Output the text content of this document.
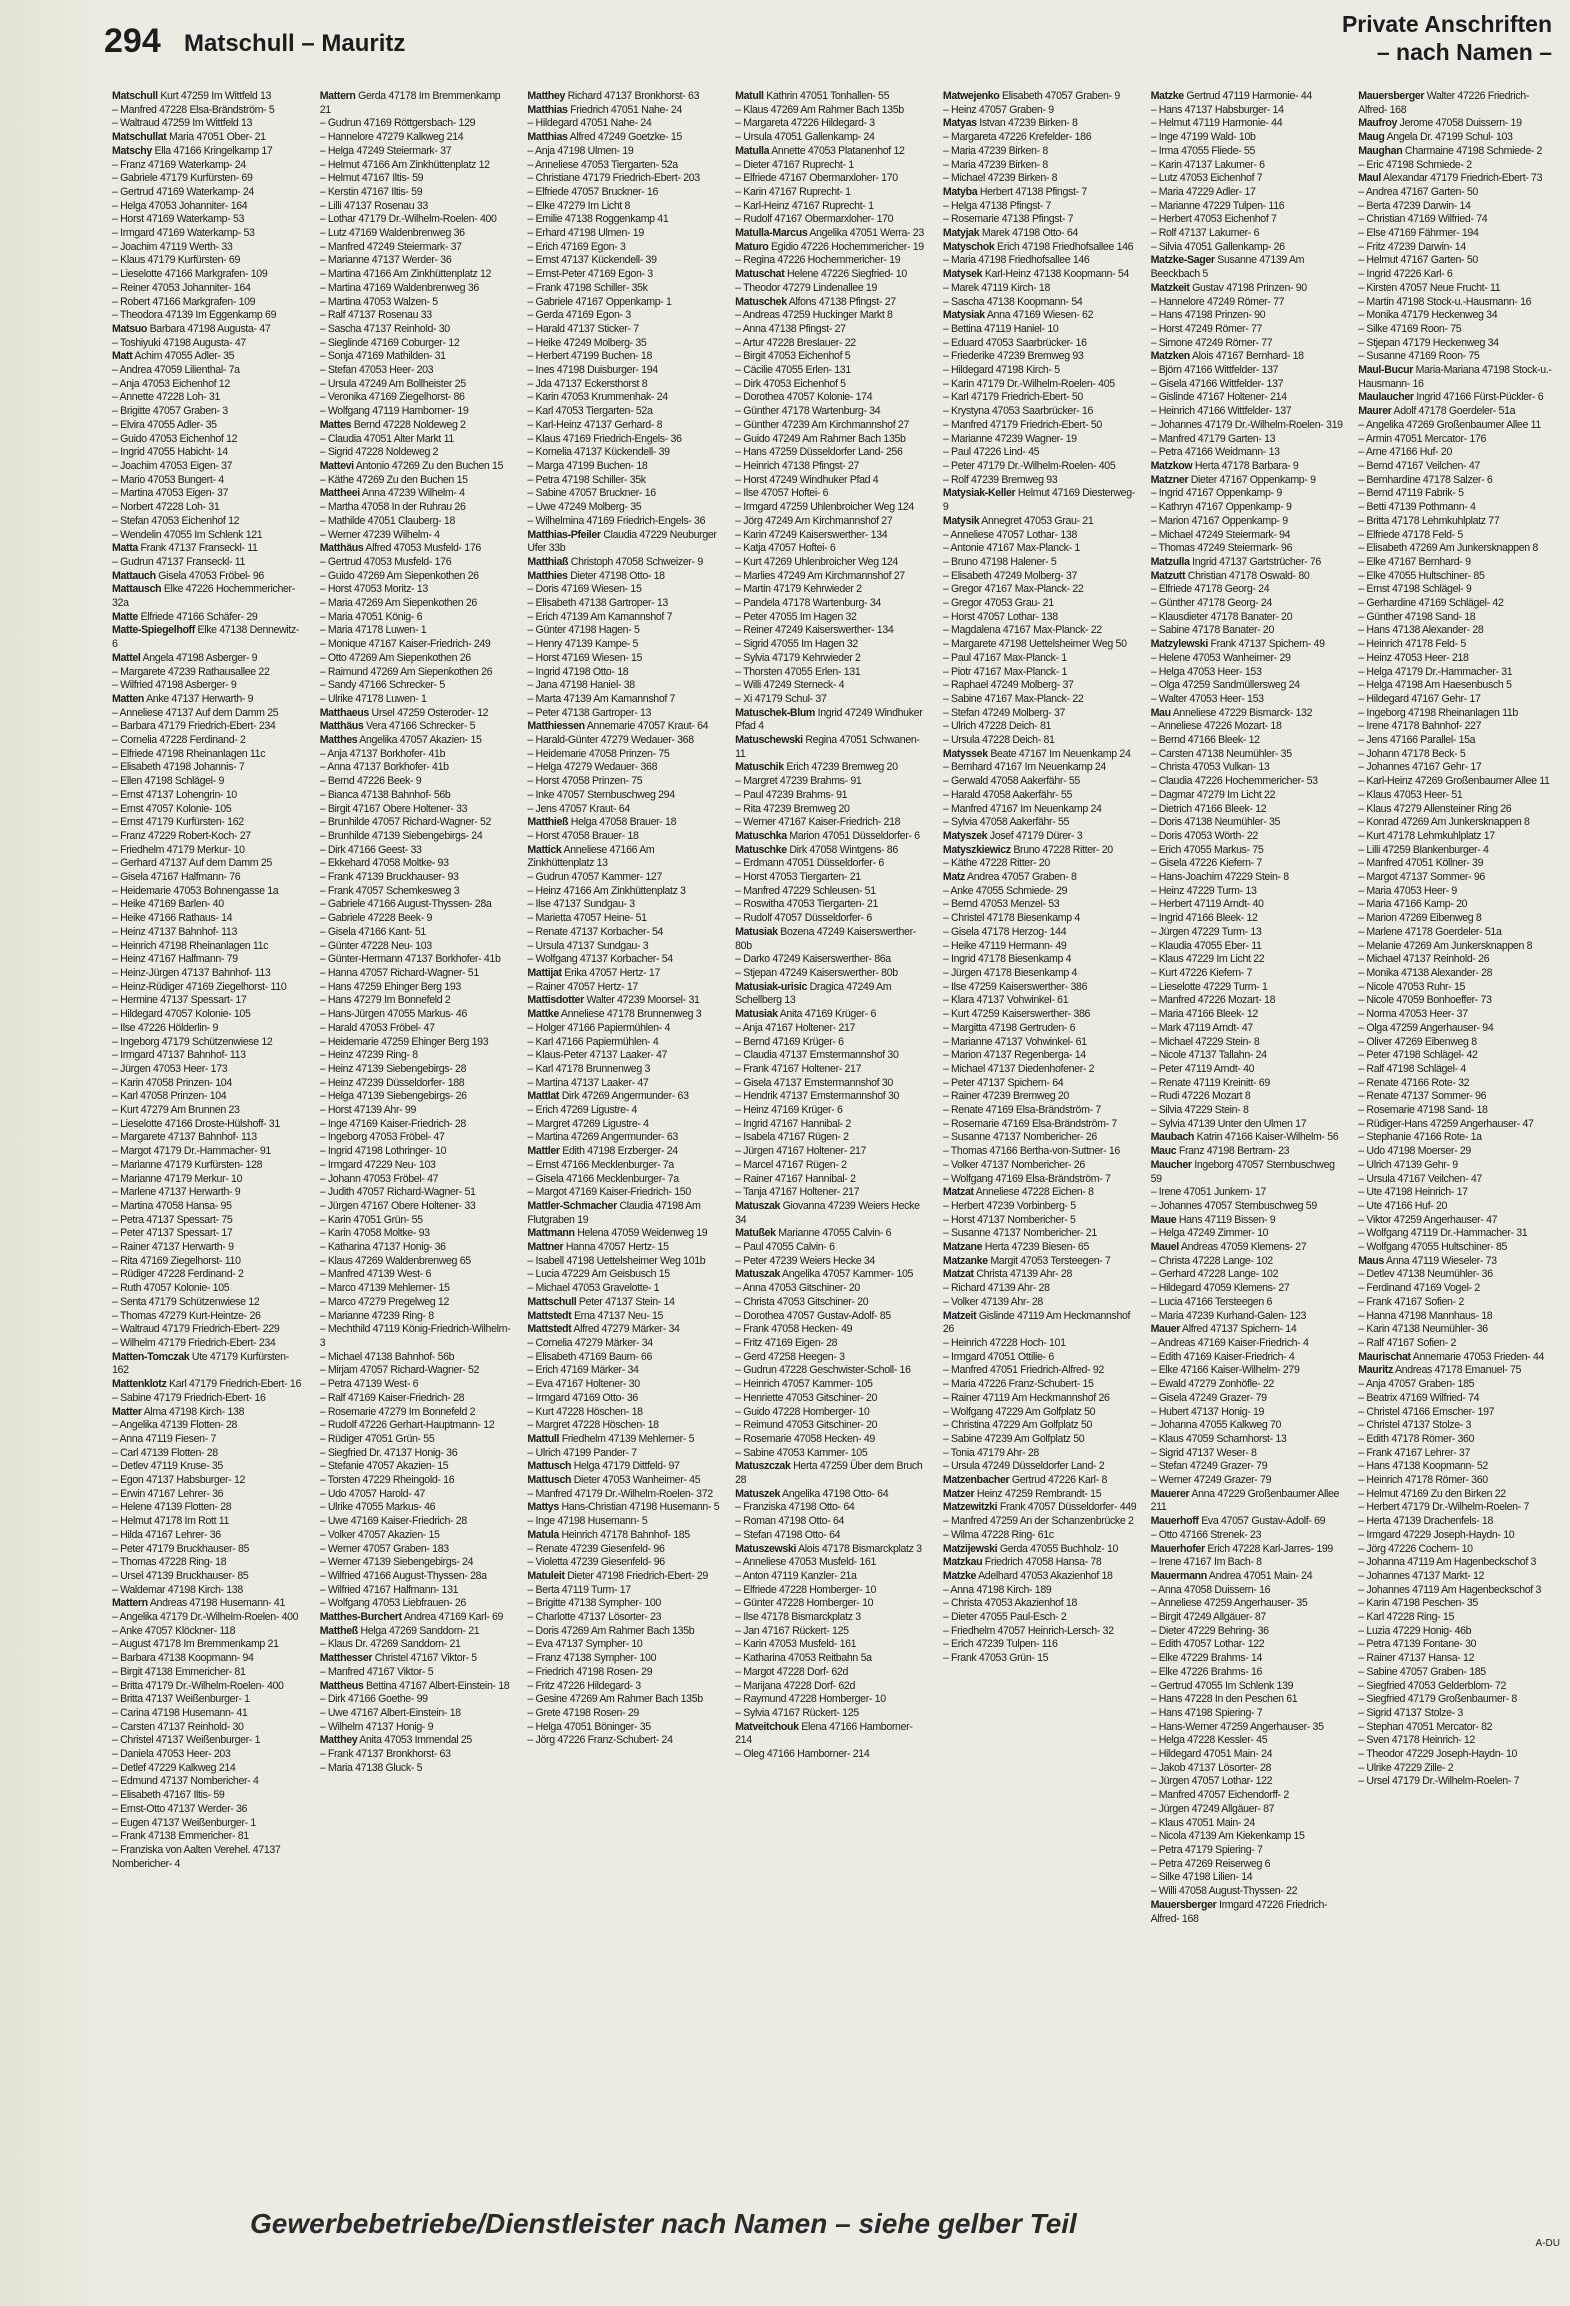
294 Matschull – Mauritz
Private Anschriften
– nach Namen –
Matschull Kurt 47259 Im Wittfeld 13
– Manfred 47228 Elsa-Brändström- 5
– Waltraud 47259 Im Wittfeld 13
Matschullat Maria 47051 Ober- 21
Matschy Ella 47166 Kringelkamp 17
– Franz 47169 Waterkamp- 24
– Gabriele 47179 Kurfürsten- 69
– Gertrud 47169 Waterkamp- 24
– Helga 47053 Johanniter- 164
– Horst 47169 Waterkamp- 53
– Irmgard 47169 Waterkamp- 53
– Joachim 47119 Werth- 33
– Klaus 47179 Kurfürsten- 69
– Lieselotte 47166 Markgrafen- 109
– Reiner 47053 Johanniter- 164
– Robert 47166 Markgrafen- 109
– Theodora 47139 Im Eggenkamp 69
Matsuo Barbara 47198 Augusta- 47
– Toshiyuki 47198 Augusta- 47
Matt Achim 47055 Adler- 35
– Andrea 47059 Lilienthal- 7a
– Anja 47053 Eichenhof 12
– Annette 47228 Loh- 31
– Brigitte 47057 Graben- 3
– Elvira 47055 Adler- 35
– Guido 47053 Eichenhof 12
– Ingrid 47055 Habicht- 14
– Joachim 47053 Eigen- 37
– Mario 47053 Bungert- 4
– Martina 47053 Eigen- 37
– Norbert 47228 Loh- 31
– Stefan 47053 Eichenhof 12
– Wendelin 47055 Im Schlenk 121
Matta Frank 47137 Franseckl- 11
– Gudrun 47137 Franseckl- 11
Mattauch Gisela 47053 Fröbel- 96
Mattausch Elke 47226 Hochemmericher- 32a
Matte Elfriede 47166 Schäfer- 29
Matte-Spiegelhoff Elke 47138 Dennewitz- 6
Mattel Angela 47198 Asberger- 9
– Margarete 47239 Rathausallee 22
– Wilfried 47198 Asberger- 9
Matten Anke 47137 Herwarth- 9
– Anneliese 47137 Auf dem Damm 25
– Barbara 47179 Friedrich-Ebert- 234
– Cornelia 47228 Ferdinand- 2
– Elfriede 47198 Rheinanlagen 11c
– Elisabeth 47198 Johannis- 7
– Ellen 47198 Schlägel- 9
– Ernst 47137 Lohengrin- 10
– Ernst 47057 Kolonie- 105
– Ernst 47179 Kurfürsten- 162
– Franz 47229 Robert-Koch- 27
– Friedhelm 47179 Merkur- 10
– Gerhard 47137 Auf dem Damm 25
– Gisela 47167 Halfmann- 76
– Heidemarie 47053 Bohnengasse 1a
– Heike 47169 Barlen- 40
– Heike 47166 Rathaus- 14
– Heinz 47137 Bahnhof- 113
– Heinrich 47198 Rheinanlagen 11c
– Heinz 47167 Halfmann- 79
– Heinz-Jürgen 47137 Bahnhof- 113
– Heinz-Rüdiger 47169 Ziegelhorst- 110
– Hermine 47137 Spessart- 17
– Hildegard 47057 Kolonie- 105
– Ilse 47226 Hölderlin- 9
– Ingeborg 47179 Schützenwiese 12
– Irmgard 47137 Bahnhof- 113
– Jürgen 47053 Heer- 173
– Karin 47058 Prinzen- 104
– Karl 47058 Prinzen- 104
– Kurt 47279 Am Brunnen 23
– Lieselotte 47166 Droste-Hülshoff- 31
– Margarete 47137 Bahnhof- 113
– Margot 47179 Dr.-Hammacher- 91
– Marianne 47179 Kurfürsten- 128
– Marianne 47179 Merkur- 10
– Marlene 47137 Herwarth- 9
– Martina 47058 Hansa- 95
– Petra 47137 Spessart- 75
– Peter 47137 Spessart- 17
– Rainer 47137 Herwarth- 9
– Rita 47169 Ziegelhorst- 110
– Rüdiger 47228 Ferdinand- 2
– Ruth 47057 Kolonie- 105
– Senta 47179 Schützenwiese 12
– Thomas 47279 Kurt-Heintze- 26
– Waltraud 47179 Friedrich-Ebert- 229
– Wilhelm 47179 Friedrich-Ebert- 234
Matten-Tomczak Ute 47179 Kurfürsten- 162
Mattenklotz Karl 47179 Friedrich-Ebert- 16
– Sabine 47179 Friedrich-Ebert- 16
Matter Alma 47198 Kirch- 138
– Angelika 47139 Flotten- 28
– Anna 47119 Fiesen- 7
– Carl 47139 Flotten- 28
– Detlev 47119 Kruse- 35
– Egon 47137 Habsburger- 12
– Erwin 47167 Lehrer- 36
– Helene 47139 Flotten- 28
– Helmut 47178 Im Rott 11
– Hilda 47167 Lehrer- 36
– Peter 47179 Bruckhauser- 85
– Thomas 47228 Ring- 18
– Ursel 47139 Bruckhauser- 85
– Waldemar 47198 Kirch- 138
Mattern Andreas 47198 Husemann- 41
– Angelika 47179 Dr.-Wilhelm-Roelen- 400
– Anke 47057 Klöckner- 118
– August 47178 Im Bremmenkamp 21
– Barbara 47138 Koopmann- 94
– Birgit 47138 Emmericher- 81
– Britta 47179 Dr.-Wilhelm-Roelen- 400
– Britta 47137 Weißenburger- 1
– Carina 47198 Husemann- 41
– Carsten 47137 Reinhold- 30
– Christel 47137 Weißenburger- 1
– Daniela 47053 Heer- 203
– Detlef 47229 Kalkweg 214
– Edmund 47137 Nombericher- 4
– Elisabeth 47167 Iltis- 59
– Ernst-Otto 47137 Werder- 36
– Eugen 47137 Weißenburger- 1
– Frank 47138 Emmericher- 81
– Franziska von Aalten Verehel. 47137 Nombericher- 4
Mattern Gerda 47178 Im Bremmenkamp 21
– Gudrun 47169 Röttgersbach- 129
– Hannelore 47279 Kalkweg 214
– Helga 47249 Steiermark- 37
– Helmut 47166 Am Zinkhüttenplatz 12
– Helmut 47167 Iltis- 59
– Kerstin 47167 Iltis- 59
– Lilli 47137 Rosenau 33
– Lothar 47179 Dr.-Wilhelm-Roelen- 400
– Lutz 47169 Waldenbrenweg 36
– Manfred 47249 Steiermark- 37
– Marianne 47137 Werder- 36
– Martina 47166 Am Zinkhüttenplatz 12
– Martina 47169 Waldenbrenweg 36
– Martina 47053 Walzen- 5
– Ralf 47137 Rosenau 33
– Sascha 47137 Reinhold- 30
– Sieglinde 47169 Coburger- 12
– Sonja 47169 Mathilden- 31
– Stefan 47053 Heer- 203
– Ursula 47249 Am Bollheister 25
– Veronika 47169 Ziegelhorst- 86
– Wolfgang 47119 Hamborner- 19
Mattes Bernd 47228 Noldeweg 2
– Claudia 47051 Alter Markt 11
– Sigrid 47228 Noldeweg 2
Mattevi Antonio 47269 Zu den Buchen 15
– Käthe 47269 Zu den Buchen 15
Mattheei Anna 47239 Wilhelm- 4
– Martha 47058 In der Ruhrau 26
– Mathilde 47051 Clauberg- 18
– Werner 47239 Wilhelm- 4
Matthäus Alfred 47053 Musfeld- 176
– Gertrud 47053 Musfeld- 176
– Guido 47269 Am Siepenkothen 26
– Horst 47053 Moritz- 13
– Maria 47269 Am Siepenkothen 26
– Maria 47051 König- 6
– Maria 47178 Luwen- 1
– Monique 47167 Kaiser-Friedrich- 249
– Otto 47269 Am Siepenkothen 26
– Raimund 47269 Am Siepenkothen 26
– Sandy 47166 Schrecker- 5
– Ulrike 47178 Luwen- 1
Matthaeus Ursel 47259 Osteroder- 12
Matthäus Vera 47166 Schrecker- 5
Matthes Angelika 47057 Akazien- 15
– Anja 47137 Borkhofer- 41b
– Anna 47137 Borkhofer- 41b
– Bernd 47226 Beek- 9
– Bianca 47138 Bahnhof- 56b
– Birgit 47167 Obere Holtener- 33
– Brunhilde 47057 Richard-Wagner- 52
– Brunhilde 47139 Siebengebirgs- 24
– Dirk 47166 Geest- 33
– Ekkehard 47058 Moltke- 93
– Frank 47139 Bruckhauser- 93
– Frank 47057 Schemkesweg 3
– Gabriele 47166 August-Thyssen- 28a
– Gabriele 47228 Beek- 9
– Gisela 47166 Kant- 51
– Günter 47228 Neu- 103
– Günter-Hermann 47137 Borkhofer- 41b
– Hanna 47057 Richard-Wagner- 51
– Hans 47259 Ehinger Berg 193
– Hans 47279 Im Bonnefeld 2
– Hans-Jürgen 47055 Markus- 46
– Harald 47053 Fröbel- 47
– Heidemarie 47259 Ehinger Berg 193
– Heinz 47239 Ring- 8
– Heinz 47139 Siebengebirgs- 28
– Heinz 47239 Düsseldorfer- 188
– Helga 47139 Siebengebirgs- 26
– Horst 47139 Ahr- 99
– Inge 47169 Kaiser-Friedrich- 28
– Ingeborg 47053 Fröbel- 47
– Ingrid 47198 Lothringer- 10
– Irmgard 47229 Neu- 103
– Johann 47053 Fröbel- 47
– Judith 47057 Richard-Wagner- 51
– Jürgen 47167 Obere Holtener- 33
– Karin 47051 Grün- 55
– Karin 47058 Moltke- 93
– Katharina 47137 Honig- 36
– Klaus 47269 Waldenbrenweg 65
– Manfred 47139 West- 6
– Marco 47139 Mehlemer- 15
– Marco 47279 Pregelweg 12
– Marianne 47239 Ring- 8
– Mechthild 47119 König-Friedrich-Wilhelm- 3
– Michael 47138 Bahnhof- 56b
– Mirjam 47057 Richard-Wagner- 52
– Petra 47139 West- 6
– Ralf 47169 Kaiser-Friedrich- 28
– Rosemarie 47279 Im Bonnefeld 2
– Rudolf 47226 Gerhart-Hauptmann- 12
– Rüdiger 47051 Grün- 55
– Siegfried Dr. 47137 Honig- 36
– Stefanie 47057 Akazien- 15
– Torsten 47229 Rheingold- 16
– Udo 47057 Harold- 47
– Ulrike 47055 Markus- 46
– Uwe 47169 Kaiser-Friedrich- 28
– Volker 47057 Akazien- 15
– Werner 47057 Graben- 183
– Werner 47139 Siebengebirgs- 24
– Wilfried 47166 August-Thyssen- 28a
– Wilfried 47167 Halfmann- 131
– Wolfgang 47053 Liebfrauen- 26
Matthes-Burchert Andrea 47169 Karl- 69
Mattheß Helga 47269 Sanddorn- 21
– Klaus Dr. 47269 Sanddorn- 21
Matthesser Christel 47167 Viktor- 5
– Manfred 47167 Viktor- 5
Mattheus Bettina 47167 Albert-Einstein- 18
– Dirk 47166 Goethe- 99
– Uwe 47167 Albert-Einstein- 18
– Wilhelm 47137 Honig- 9
Matthey Anita 47053 Immendal 25
– Frank 47137 Bronkhorst- 63
– Maria 47138 Gluck- 5
Matthey Richard 47137 Bronkhorst- 63
Matthias Friedrich 47051 Nahe- 24
– Hildegard 47051 Nahe- 24
Matthias Alfred 47249 Goetzke- 15
– Anja 47198 Ulmen- 19
– Anneliese 47053 Tiergarten- 52a
– Christiane 47179 Friedrich-Ebert- 203
– Elfriede 47057 Bruckner- 16
– Elke 47279 Im Licht 8
– Emilie 47138 Roggenkamp 41
– Erhard 47198 Ulmen- 19
– Erich 47169 Egon- 3
– Ernst 47137 Kückendell- 39
– Ernst-Peter 47169 Egon- 3
– Frank 47198 Schiller- 35k
– Gabriele 47167 Oppenkamp- 1
– Gerda 47169 Egon- 3
– Harald 47137 Sticker- 7
– Heike 47249 Molberg- 35
– Herbert 47199 Buchen- 18
– Ines 47198 Duisburger- 194
– Jda 47137 Eckersthorst 8
– Karin 47053 Krummenhak- 24
– Karl 47053 Tiergarten- 52a
– Karl-Heinz 47137 Gerhard- 8
– Klaus 47169 Friedrich-Engels- 36
– Kornelia 47137 Kückendell- 39
– Marga 47199 Buchen- 18
– Petra 47198 Schiller- 35k
– Sabine 47057 Bruckner- 16
– Uwe 47249 Molberg- 35
– Wilhelmina 47169 Friedrich-Engels- 36
Matthias-Pfeiler Claudia 47229 Neuburger Ufer 33b
Matthiaß Christoph 47058 Schweizer- 9
Matthies Dieter 47198 Otto- 18
– Doris 47169 Wiesen- 15
– Elisabeth 47138 Gartroper- 13
– Erich 47139 Am Kamannshof 7
– Günter 47198 Hagen- 5
– Henry 47139 Kampe- 5
– Horst 47169 Wiesen- 15
– Ingrid 47198 Otto- 18
– Jana 47198 Haniel- 38
– Marta 47139 Am Kamannshof 7
– Peter 47138 Gartroper- 13
Matthiessen Annemarie 47057 Kraut- 64
– Harald-Günter 47279 Wedauer- 368
– Heidemarie 47058 Prinzen- 75
– Helga 47279 Wedauer- 368
– Horst 47058 Prinzen- 75
– Inke 47057 Sternbuschweg 294
– Jens 47057 Kraut- 64
Matthieß Helga 47058 Brauer- 18
– Horst 47058 Brauer- 18
Mattick Anneliese 47166 Am Zinkhüttenplatz 13
– Gudrun 47057 Kammer- 127
– Heinz 47166 Am Zinkhüttenplatz 3
– Ilse 47137 Sundgau- 3
– Marietta 47057 Heine- 51
– Renate 47137 Korbacher- 54
– Ursula 47137 Sundgau- 3
– Wolfgang 47137 Korbacher- 54
Mattijat Erika 47057 Hertz- 17
– Rainer 47057 Hertz- 17
Mattisdotter Walter 47239 Moorsel- 31
Mattke Anneliese 47178 Brunnenweg 3
– Holger 47166 Papiermühlen- 4
– Karl 47166 Papiermühlen- 4
– Klaus-Peter 47137 Laaker- 47
– Karl 47178 Brunnenweg 3
– Martina 47137 Laaker- 47
Mattlat Dirk 47269 Angermunder- 63
– Erich 47269 Ligustre- 4
– Margret 47269 Ligustre- 4
– Martina 47269 Angermunder- 63
Mattler Edith 47198 Erzberger- 24
– Ernst 47166 Mecklenburger- 7a
– Gisela 47166 Mecklenburger- 7a
– Margot 47169 Kaiser-Friedrich- 150
Mattler-Schmacher Claudia 47198 Am Flutgraben 19
Mattmann Helena 47059 Weidenweg 19
Mattner Hanna 47057 Hertz- 15
– Isabell 47198 Uettelsheimer Weg 101b
– Lucia 47229 Am Geisbusch 15
– Michael 47053 Gravelotte- 1
Mattschull Peter 47137 Stein- 14
Mattstedt Erna 47137 Neu- 15
Mattstedt Alfred 47279 Märker- 34
– Cornelia 47279 Märker- 34
– Elisabeth 47169 Baum- 66
– Erich 47169 Märker- 34
– Eva 47167 Holtener- 30
– Irmgard 47169 Otto- 36
– Kurt 47228 Höschen- 18
– Margret 47228 Höschen- 18
Mattull Friedhelm 47139 Mehlemer- 5
– Ulrich 47199 Pander- 7
Mattusch Helga 47179 Dittfeld- 97
Mattusch Dieter 47053 Wanheimer- 45
– Manfred 47179 Dr.-Wilhelm-Roelen- 372
Mattys Hans-Christian 47198 Husemann- 5
– Inge 47198 Husemann- 5
Matula Heinrich 47178 Bahnhof- 185
– Renate 47239 Giesenfeld- 96
– Violetta 47239 Giesenfeld- 96
Matuleit Dieter 47198 Friedrich-Ebert- 29
– Berta 47119 Turm- 17
– Brigitte 47138 Sympher- 100
– Charlotte 47137 Lösorter- 23
– Doris 47269 Am Rahmer Bach 135b
– Eva 47137 Sympher- 10
– Franz 47138 Sympher- 100
– Friedrich 47198 Rosen- 29
– Fritz 47226 Hildegard- 3
– Gesine 47269 Am Rahmer Bach 135b
– Grete 47198 Rosen- 29
– Helga 47051 Böninger- 35
– Jörg 47226 Franz-Schubert- 24
Matull Kathrin 47051 Tonhallen- 55
– Klaus 47269 Am Rahmer Bach 135b
– Margareta 47226 Hildegard- 3
– Ursula 47051 Gallenkamp- 24
Matulla Annette 47053 Platanenhof 12
– Dieter 47167 Ruprecht- 1
– Elfriede 47167 Obermarxloher- 170
– Karin 47167 Ruprecht- 1
– Karl-Heinz 47167 Ruprecht- 1
– Rudolf 47167 Obermarxloher- 170
Matulla-Marcus Angelika 47051 Werra- 23
Maturo Egidio 47226 Hochemmericher- 19
– Regina 47226 Hochemmericher- 19
Matuschat Helene 47226 Siegfried- 10
– Theodor 47279 Lindenallee 19
Matuschek Alfons 47138 Pfingst- 27
– Andreas 47259 Huckinger Markt 8
– Anna 47138 Pfingst- 27
– Artur 47228 Breslauer- 22
– Birgit 47053 Eichenhof 5
– Cäcilie 47055 Erlen- 131
– Dirk 47053 Eichenhof 5
– Dorothea 47057 Kolonie- 174
– Günther 47178 Wartenburg- 34
– Günther 47239 Am Kirchmannshof 27
– Guido 47249 Am Rahmer Bach 135b
– Hans 47259 Düsseldorfer Land- 256
– Heinrich 47138 Pfingst- 27
– Horst 47249 Windhuker Pfad 4
– Ilse 47057 Hoftei- 6
– Irmgard 47259 Uhlenbroicher Weg 124
– Jörg 47249 Am Kirchmannshof 27
– Karin 47249 Kaiserswerther- 134
– Katja 47057 Hoftei- 6
– Kurt 47269 Uhlenbroicher Weg 124
– Marlies 47249 Am Kirchmannshof 27
– Martin 47179 Kehrwieder 2
– Pandela 47178 Wartenburg- 34
– Peter 47055 Im Hagen 32
– Reiner 47249 Kaiserswerther- 134
– Sigrid 47055 Im Hagen 32
– Sylvia 47179 Kehrwieder 2
– Thorsten 47055 Erlen- 131
– Willi 47249 Sterneck- 4
– Xi 47179 Schul- 37
Matuschek-Blum Ingrid 47249 Windhuker Pfad 4
Matuschewski Regina 47051 Schwanen- 11
Matuschik Erich 47239 Bremweg 20
– Margret 47239 Brahms- 91
– Paul 47239 Brahms- 91
– Rita 47239 Bremweg 20
– Werner 47167 Kaiser-Friedrich- 218
Matuschka Marion 47051 Düsseldorfer- 6
Matuschke Dirk 47058 Wintgens- 86
– Erdmann 47051 Düsseldorfer- 6
– Horst 47053 Tiergarten- 21
– Manfred 47229 Schleusen- 51
– Roswitha 47053 Tiergarten- 21
– Rudolf 47057 Düsseldorfer- 6
Matusiak Bozena 47249 Kaiserswerther- 80b
– Darko 47249 Kaiserswerther- 86a
– Stjepan 47249 Kaiserswerther- 80b
Matusiak-urisic Dragica 47249 Am Schellberg 13
Matusiak Anita 47169 Krüger- 6
– Anja 47167 Holtener- 217
– Bernd 47169 Krüger- 6
– Claudia 47137 Emstermannshof 30
– Frank 47167 Holtener- 217
– Gisela 47137 Emstermannshof 30
– Hendrik 47137 Emstermannshof 30
– Heinz 47169 Krüger- 6
– Ingrid 47167 Hannibal- 2
– Isabela 47167 Rügen- 2
– Jürgen 47167 Holtener- 217
– Marcel 47167 Rügen- 2
– Rainer 47167 Hannibal- 2
– Tanja 47167 Holtener- 217
Matuszak Giovanna 47239 Weiers Hecke 34
Matußek Marianne 47055 Calvin- 6
– Paul 47055 Calvin- 6
– Peter 47239 Weiers Hecke 34
Matuszak Angelika 47057 Kammer- 105
– Anna 47053 Gitschiner- 20
– Christa 47053 Gitschiner- 20
– Dorothea 47057 Gustav-Adolf- 85
– Frank 47058 Hecken- 49
– Fritz 47169 Eigen- 28
– Gerd 47258 Heegen- 3
– Gudrun 47228 Geschwister-Scholl- 16
– Heinrich 47057 Kammer- 105
– Henriette 47053 Gitschiner- 20
– Guido 47228 Homberger- 10
– Reimund 47053 Gitschiner- 20
– Rosemarie 47058 Hecken- 49
– Sabine 47053 Kammer- 105
Matuszczak Herta 47259 Über dem Bruch 28
Matuszek Angelika 47198 Otto- 64
– Franziska 47198 Otto- 64
– Roman 47198 Otto- 64
– Stefan 47198 Otto- 64
Matuszewski Alois 47178 Bismarckplatz 3
– Anneliese 47053 Musfeld- 161
– Anton 47119 Kanzler- 21a
– Elfriede 47228 Homberger- 10
– Günter 47228 Homberger- 10
– Ilse 47178 Bismarckplatz 3
– Jan 47167 Rückert- 125
– Karin 47053 Musfeld- 161
– Katharina 47053 Reitbahn 5a
– Margot 47228 Dorf- 62d
– Marijana 47228 Dorf- 62d
– Raymund 47228 Homberger- 10
– Sylvia 47167 Rückert- 125
Matveitchouk Elena 47166 Hamborner- 214
– Oleg 47166 Hamborner- 214
Matwejenko Elisabeth 47057 Graben- 9
– Heinz 47057 Graben- 9
Matyas Istvan 47239 Birken- 8
– Margareta 47226 Krefelder- 186
– Maria 47239 Birken- 8
– Maria 47239 Birken- 8
– Michael 47239 Birken- 8
Matyba Herbert 47138 Pfingst- 7
– Helga 47138 Pfingst- 7
– Rosemarie 47138 Pfingst- 7
Matyjak Marek 47198 Otto- 64
Matyschok Erich 47198 Friedhofsallee 146
– Maria 47198 Friedhofsallee 146
Matysek Karl-Heinz 47138 Koopmann- 54
– Marek 47119 Kirch- 18
– Sascha 47138 Koopmann- 54
Matysiak Anna 47169 Wiesen- 62
– Bettina 47119 Haniel- 10
– Eduard 47053 Saarbrücker- 16
– Friederike 47239 Bremweg 93
– Hildegard 47198 Kirch- 5
– Karin 47179 Dr.-Wilhelm-Roelen- 405
– Karl 47179 Friedrich-Ebert- 50
– Krystyna 47053 Saarbrücker- 16
– Manfred 47179 Friedrich-Ebert- 50
– Marianne 47239 Wagner- 19
– Paul 47226 Lind- 45
– Peter 47179 Dr.-Wilhelm-Roelen- 405
– Rolf 47239 Bremweg 93
Matysiak-Keller Helmut 47169 Diesterweg- 9
Matysik Annegret 47053 Grau- 21
– Anneliese 47057 Lothar- 138
– Antonie 47167 Max-Planck- 1
– Bruno 47198 Halener- 5
– Elisabeth 47249 Molberg- 37
– Gregor 47167 Max-Planck- 22
– Gregor 47053 Grau- 21
– Horst 47057 Lothar- 138
– Magdalena 47167 Max-Planck- 22
– Margarete 47198 Uettelsheimer Weg 50
– Paul 47167 Max-Planck- 1
– Piotr 47167 Max-Planck- 1
– Raphael 47249 Molberg- 37
– Sabine 47167 Max-Planck- 22
– Stefan 47249 Molberg- 37
– Ulrich 47228 Deich- 81
– Ursula 47228 Deich- 81
Matyssek Beate 47167 Im Neuenkamp 24
– Bernhard 47167 Im Neuenkamp 24
– Gerwald 47058 Aakerfähr- 55
– Harald 47058 Aakerfähr- 55
– Manfred 47167 Im Neuenkamp 24
– Sylvia 47058 Aakerfähr- 55
Matyszek Josef 47179 Dürer- 3
Matyszkiewicz Bruno 47228 Ritter- 20
– Käthe 47228 Ritter- 20
Matz Andrea 47057 Graben- 8
– Anke 47055 Schmiede- 29
– Bernd 47053 Menzel- 53
– Christel 47178 Biesenkamp 4
– Gisela 47178 Herzog- 144
– Heike 47119 Hermann- 49
– Ingrid 47178 Biesenkamp 4
– Jürgen 47178 Biesenkamp 4
– Ilse 47259 Kaiserswerther- 386
– Klara 47137 Vohwinkel- 61
– Kurt 47259 Kaiserswerther- 386
– Margitta 47198 Gertruden- 6
– Marianne 47137 Vohwinkel- 61
– Marion 47137 Regenberga- 14
– Michael 47137 Diedenhofener- 2
– Peter 47137 Spichern- 64
– Rainer 47239 Bremweg 20
– Renate 47169 Elsa-Brändström- 7
– Rosemarie 47169 Elsa-Brändström- 7
– Susanne 47137 Nombericher- 26
– Thomas 47166 Bertha-von-Suttner- 16
– Volker 47137 Nombericher- 26
– Wolfgang 47169 Elsa-Brändström- 7
Matzat Anneliese 47228 Eichen- 8
– Herbert 47239 Vorbinberg- 5
– Horst 47137 Nombericher- 5
– Susanne 47137 Nombericher- 21
Matzane Herta 47239 Biesen- 65
Matzanke Margit 47053 Tersteegen- 7
Matzat Christa 47139 Ahr- 28
– Richard 47139 Ahr- 28
– Volker 47139 Ahr- 28
Matzeit Gislinde 47119 Am Heckmannshof 26
– Heinrich 47228 Hoch- 101
– Irmgard 47051 Ottilie- 6
– Manfred 47051 Friedrich-Alfred- 92
– Maria 47226 Franz-Schubert- 15
– Rainer 47119 Am Heckmannshof 26
– Wolfgang 47229 Am Golfplatz 50
– Christina 47229 Am Golfplatz 50
– Sabine 47239 Am Golfplatz 50
– Tonia 47179 Ahr- 28
– Ursula 47249 Düsseldorfer Land- 2
Matzenbacher Gertrud 47226 Karl- 8
Matzer Heinz 47259 Rembrandt- 15
Matzewitzki Frank 47057 Düsseldorfer- 449
– Manfred 47259 An der Schanzenbrücke 2
– Wilma 47228 Ring- 61c
Matzijewski Gerda 47055 Buchholz- 10
Matzkau Friedrich 47058 Hansa- 78
Matzke Adelhard 47053 Akazienhof 18
– Anna 47198 Kirch- 189
– Christa 47053 Akazienhof 18
– Dieter 47055 Paul-Esch- 2
– Friedhelm 47057 Heinrich-Lersch- 32
– Erich 47239 Tulpen- 116
– Frank 47053 Grün- 15
Matzke Gertrud 47119 Harmonie- 44
– Hans 47137 Habsburger- 14
– Helmut 47119 Harmonie- 44
– Inge 47199 Wald- 10b
– Irma 47055 Fliede- 55
– Karin 47137 Lakumer- 6
– Lutz 47053 Eichenhof 7
– Maria 47229 Adler- 17
– Marianne 47229 Tulpen- 116
– Herbert 47053 Eichenhof 7
– Rolf 47137 Lakumer- 6
– Silvia 47051 Gallenkamp- 26
Matzke-Sager Susanne 47139 Am Beeckbach 5
Matzkeit Gustav 47198 Prinzen- 90
– Hannelore 47249 Römer- 77
– Hans 47198 Prinzen- 90
– Horst 47249 Römer- 77
– Simone 47249 Römer- 77
Matzken Alois 47167 Bernhard- 18
– Björn 47166 Wittfelder- 137
– Gisela 47166 Wittfelder- 137
– Gislinde 47167 Holtener- 214
– Heinrich 47166 Wittfelder- 137
– Johannes 47179 Dr.-Wilhelm-Roelen- 319
– Manfred 47179 Garten- 13
– Petra 47166 Weidmann- 13
Matzkow Herta 47178 Barbara- 9
Matzner Dieter 47167 Oppenkamp- 9
– Ingrid 47167 Oppenkamp- 9
– Kathryn 47167 Oppenkamp- 9
– Marion 47167 Oppenkamp- 9
– Michael 47249 Steiermark- 94
– Thomas 47249 Steiermark- 96
Matzulla Ingrid 47137 Gartstrücher- 76
Matzutt Christian 47178 Oswald- 80
– Elfriede 47178 Georg- 24
– Günther 47178 Georg- 24
– Klausdieter 47178 Banater- 20
– Sabine 47178 Banater- 20
Matzylewski Frank 47137 Spichern- 49
– Helene 47053 Wanheimer- 29
– Helga 47053 Heer- 153
– Olga 47259 Sandmüllersweg 24
– Walter 47053 Heer- 153
Mau Anneliese 47229 Bismarck- 132
– Anneliese 47226 Mozart- 18
– Bernd 47166 Bleek- 12
– Carsten 47138 Neumühler- 35
– Christa 47053 Vulkan- 13
– Claudia 47226 Hochemmericher- 53
– Dagmar 47279 Im Licht 22
– Dietrich 47166 Bleek- 12
– Doris 47138 Neumühler- 35
– Doris 47053 Wörth- 22
– Erich 47055 Markus- 75
– Gisela 47226 Kiefern- 7
– Hans-Joachim 47229 Stein- 8
– Heinz 47229 Turm- 13
– Herbert 47119 Arndt- 40
– Ingrid 47166 Bleek- 12
– Jürgen 47229 Turm- 13
– Klaudia 47055 Eber- 11
– Klaus 47229 Im Licht 22
– Kurt 47226 Kiefern- 7
– Lieselotte 47229 Turm- 1
– Manfred 47226 Mozart- 18
– Maria 47166 Bleek- 12
– Mark 47119 Arndt- 47
– Michael 47229 Stein- 8
– Nicole 47137 Tallahn- 24
– Peter 47119 Arndt- 40
– Renate 47119 Kreinitt- 69
– Rudi 47226 Mozart 8
– Silvia 47229 Stein- 8
– Sylvia 47139 Unter den Ulmen 17
Maubach Katrin 47166 Kaiser-Wilhelm- 56
Mauc Franz 47198 Bertram- 23
Maucher Ingeborg 47057 Sternbuschweg 59
– Irene 47051 Junkern- 17
– Johannes 47057 Sternbuschweg 59
Maue Hans 47119 Bissen- 9
– Helga 47249 Zimmer- 10
Mauel Andreas 47059 Klemens- 27
– Christa 47228 Lange- 102
– Gerhard 47228 Lange- 102
– Hildegard 47059 Klemens- 27
– Lucia 47166 Tersteegen 6
– Maria 47239 Kurhand-Galen- 123
Mauer Alfred 47137 Spichern- 14
– Andreas 47169 Kaiser-Friedrich- 4
– Edith 47169 Kaiser-Friedrich- 4
– Elke 47166 Kaiser-Wilhelm- 279
– Ewald 47279 Zonhöfle- 22
– Gisela 47249 Grazer- 79
– Hubert 47137 Honig- 19
– Johanna 47055 Kalkweg 70
– Klaus 47059 Scharnhorst- 13
– Sigrid 47137 Weser- 8
– Stefan 47249 Grazer- 79
– Werner 47249 Grazer- 79
Mauerer Anna 47229 Großenbaumer Allee 211
Mauerhoff Eva 47057 Gustav-Adolf- 69
– Otto 47166 Strenek- 23
Mauerhofer Erich 47228 Karl-Jarres- 199
– Irene 47167 Im Bach- 8
Mauermann Andrea 47051 Main- 24
– Anna 47058 Duissern- 16
– Anneliese 47259 Angerhauser- 35
– Birgit 47249 Allgäuer- 87
– Dieter 47229 Behring- 36
– Edith 47057 Lothar- 122
– Elke 47229 Brahms- 14
– Elke 47226 Brahms- 16
– Gertrud 47055 Im Schlenk 139
– Hans 47228 In den Peschen 61
– Hans 47198 Spiering- 7
– Hans-Werner 47259 Angerhauser- 35
– Helga 47228 Kessler- 45
– Hildegard 47051 Main- 24
– Jakob 47137 Lösorter- 28
– Jürgen 47057 Lothar- 122
– Manfred 47057 Eichendorff- 2
– Jürgen 47249 Allgäuer- 87
– Klaus 47051 Main- 24
– Nicola 47139 Am Kiekenkamp 15
– Petra 47179 Spiering- 7
– Petra 47269 Reiserweg 6
– Silke 47198 Lilien- 14
– Willi 47058 August-Thyssen- 22
Mauersberger Irmgard 47226 Friedrich-Alfred- 168
Mauersberger Walter 47226 Friedrich-Alfred- 168
Maufroy Jerome 47058 Duissern- 19
Maug Angela Dr. 47199 Schul- 103
Maughan Charmaine 47198 Schmiede- 2
– Eric 47198 Schmiede- 2
Maul Alexandar 47179 Friedrich-Ebert- 73
– Andrea 47167 Garten- 50
– Berta 47239 Darwin- 14
– Christian 47169 Wilfried- 74
– Else 47169 Fährmer- 194
– Fritz 47239 Darwin- 14
– Helmut 47167 Garten- 50
– Ingrid 47226 Karl- 6
– Kirsten 47057 Neue Frucht- 11
– Martin 47198 Stock-u.-Hausmann- 16
– Monika 47179 Heckenweg 34
– Silke 47169 Roon- 75
– Stjepan 47179 Heckenweg 34
– Susanne 47169 Roon- 75
Maul-Bucur Maria-Mariana 47198 Stock-u.-Hausmann- 16
Maulaucher Ingrid 47166 Fürst-Pückler- 6
Maurer Adolf 47178 Goerdeler- 51a
– Angelika 47269 Großenbaumer Allee 11
– Armin 47051 Mercator- 176
– Arne 47166 Huf- 20
– Bernd 47167 Veilchen- 47
– Bernhardine 47178 Salzer- 6
– Bernd 47119 Fabrik- 5
– Betti 47139 Pothmann- 4
– Britta 47178 Lehmkuhlplatz 77
– Elfriede 47178 Feld- 5
– Elisabeth 47269 Am Junkersknappen 8
– Elke 47167 Bernhard- 9
– Elke 47055 Hultschiner- 85
– Ernst 47198 Schlägel- 9
– Gerhardine 47169 Schlägel- 42
– Günther 47198 Sand- 18
– Hans 47138 Alexander- 28
– Heinrich 47178 Feld- 5
– Heinz 47053 Heer- 218
– Helga 47179 Dr.-Hammacher- 31
– Helga 47198 Am Haesenbusch 5
– Hildegard 47167 Gehr- 17
– Ingeborg 47198 Rheinanlagen 11b
– Irene 47178 Bahnhof- 227
– Jens 47166 Parallel- 15a
– Johann 47178 Beck- 5
– Johannes 47167 Gehr- 17
– Karl-Heinz 47269 Großenbaumer Allee 11
– Klaus 47053 Heer- 51
– Klaus 47279 Allensteiner Ring 26
– Konrad 47269 Am Junkersknappen 8
– Kurt 47178 Lehmkuhlplatz 17
– Lilli 47259 Blankenburger- 4
– Manfred 47051 Köllner- 39
– Margot 47137 Sommer- 96
– Maria 47053 Heer- 9
– Maria 47166 Kamp- 20
– Marion 47269 Eibenweg 8
– Marlene 47178 Goerdeler- 51a
– Melanie 47269 Am Junkersknappen 8
– Michael 47137 Reinhold- 26
– Monika 47138 Alexander- 28
– Nicole 47053 Ruhr- 15
– Nicole 47059 Bonhoeffer- 73
– Norma 47053 Heer- 37
– Olga 47259 Angerhauser- 94
– Oliver 47269 Eibenweg 8
– Peter 47198 Schlägel- 42
– Ralf 47198 Schlägel- 4
– Renate 47166 Rote- 32
– Renate 47137 Sommer- 96
– Rosemarie 47198 Sand- 18
– Rüdiger-Hans 47259 Angerhauser- 47
– Stephanie 47166 Rote- 1a
– Udo 47198 Moerser- 29
– Ulrich 47139 Gehr- 9
– Ursula 47167 Veilchen- 47
– Ute 47198 Heinrich- 17
– Ute 47166 Huf- 20
– Viktor 47259 Angerhauser- 47
– Wolfgang 47119 Dr.-Hammacher- 31
– Wolfgang 47055 Hultschiner- 85
Maus Anna 47119 Wieseler- 73
– Detlev 47138 Neumühler- 36
– Ferdinand 47169 Vogel- 2
– Frank 47167 Sofien- 2
– Hanna 47198 Mannhaus- 18
– Karin 47138 Neumühler- 36
– Ralf 47167 Sofien- 2
Maurischat Annemarie 47053 Frieden- 44
Mauritz Andreas 47178 Emanuel- 75
– Anja 47057 Graben- 185
– Beatrix 47169 Wilfried- 74
– Christel 47166 Emscher- 197
– Christel 47137 Stolze- 3
– Edith 47178 Römer- 360
– Frank 47167 Lehrer- 37
– Hans 47138 Koopmann- 52
– Heinrich 47178 Römer- 360
– Helmut 47169 Zu den Birken 22
– Herbert 47179 Dr.-Wilhelm-Roelen- 7
– Herta 47139 Drachenfels- 18
– Irmgard 47229 Joseph-Haydn- 10
– Jörg 47226 Cochem- 10
– Johanna 47119 Am Hagenbeckschof 3
– Johannes 47137 Markt- 12
– Johannes 47119 Am Hagenbeckschof 3
– Karin 47198 Peschen- 35
– Karl 47228 Ring- 15
– Luzia 47229 Honig- 46b
– Petra 47139 Fontane- 30
– Rainer 47137 Hansa- 12
– Sabine 47057 Graben- 185
– Siegfried 47053 Gelderblom- 72
– Siegfried 47179 Großenbaumer- 8
– Sigrid 47137 Stolze- 3
– Stephan 47051 Mercator- 82
– Sven 47178 Heinrich- 12
– Theodor 47229 Joseph-Haydn- 10
– Ulrike 47229 Zille- 2
– Ursel 47179 Dr.-Wilhelm-Roelen- 7
Gewerbebetriebe/Dienstleister nach Namen – siehe gelber Teil
A-DU
